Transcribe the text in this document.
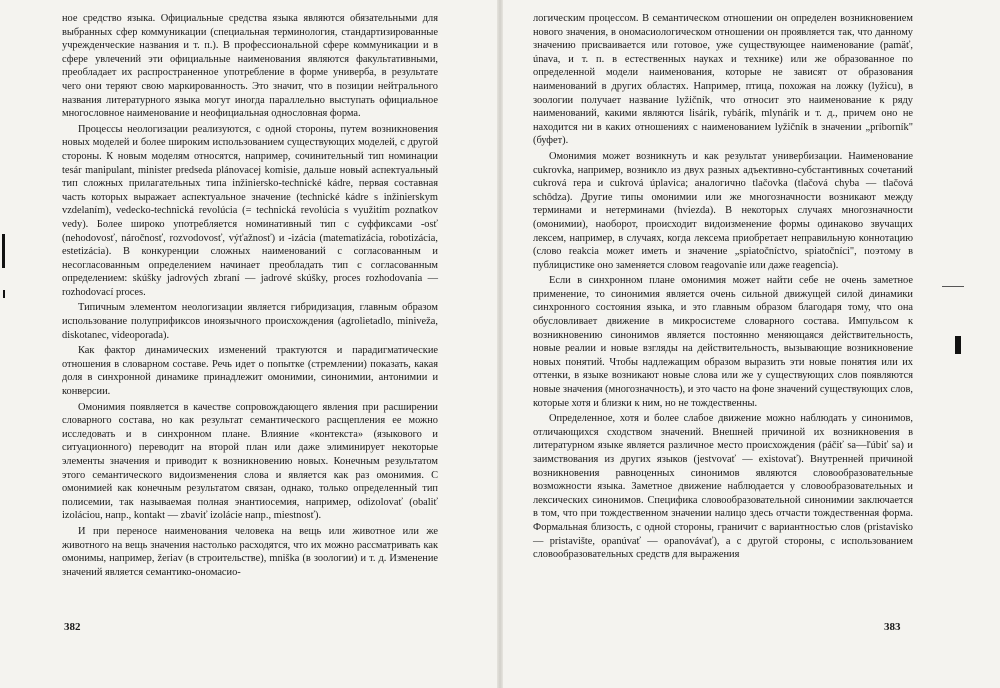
ное средство языка. Официальные средства языка являются обязательными для выбранных сфер коммуникации (специальная терминология, стандартизированные учрежденческие названия и т. п.). В профессиональной сфере коммуникации и в сфере увлечений эти официальные наименования являются факультативными, преобладает их распространенное употребление в форме универба, в результате чего они теряют свою маркированность. Это значит, что в позиции нейтрального названия литературного языка могут иногда параллельно выступать официальное многословное наименование и неофициальная однословная форма.

Процессы неологизации реализуются, с одной стороны, путем возникновения новых моделей и более широким использованием существующих моделей, с другой стороны. К новым моделям относятся, например, сочинительный тип номинации tesár manipulant, minister predseda plánovacej komisie, дальше новый аспектуальный тип сложных прилагательных типа inžiniersko-technické kádre, первая составная часть которых выражает аспектуальное значение (technické kádre s inžinierskym vzdelaním), vedecko-technická revolúcia (= technická revolúcia s využitím poznatkov vedy). Более широко употребляется номинативный тип с суффиксами -osť (nehodovosť, náročnosť, rozvodovosť, výťažnosť) и -izácia (matematizácia, robotizácia, estetizácia). В конкуренции сложных наименований с согласованным и несогласованным определением начинает преобладать тип с согласованным определением: skúšky jadrových zbraní — jadrové skúšky, proces rozhodovania — rozhodovací proces.

Типичным элементом неологизации является гибридизация, главным образом использование полупрификсов иноязычного происхождения (agrolietadlo, miniveža, diskotanec, videoporada).

Как фактор динамических изменений трактуются и парадигматические отношения в словарном составе. Речь идет о попытке (стремлении) показать, какая доля в синхронной динамике принадлежит омонимии, синонимии, антонимии и конверсии.

Омонимия появляется в качестве сопровождающего явления при расширении словарного состава, но как результат семантического расщепления ее можно исследовать и в синхронном плане. Влияние «контекста» (языкового и ситуационного) переводит на второй план или даже элиминирует некоторые элементы значения и приводит к возникновению новых. Конечным результатом этого семантического видоизменения слова и является как раз омонимия. С омонимией как конечным результатом связан, однако, только определенный тип полисемии, так называемая полная энантиосемия, например, odizolovať (obaliť izoláciou, напр., kontakt — zbaviť izolácie напр., miestnosť).

И при переносе наименования человека на вещь или животное или же животного на вещь значения настолько расходятся, что их можно рассматривать как омонимы, например, žeriav (в строительстве), mniška (в зоологии) и т. д. Изменение значений является семантико-ономасио-

382

логическим процессом. В семантическом отношении он определен возникновением нового значения, в ономасиологическом отношении он проявляется так, что данному значению присваивается или готовое, уже существующее наименование (pamäť, únava, и т. п. в естественных науках и технике) или же образованное по определенной модели наименования, которые не зависят от образования наименований в других областях. Например, птица, похожая на ложку (lyžicu), в зоологии получает название lyžičník, что относит это наименование к ряду наименований, какими являются lisárik, rybárik, mlynárik и т. д., причем оно не находится ни в каких отношениях с наименованием lyžičník в значении „príborník" (буфет).

Омонимия может возникнуть и как результат универбизации. Наименование cukrovka, например, возникло из двух разных адъективно-субстантивных сочетаний cukrová repa и cukrová úplavica; аналогично tlačovka (tlačová chyba — tlačová schôdza). Другие типы омонимии или же многозначности возникают между терминами и нетерминами (hviezda). В некоторых случаях многозначности (омонимии), наоборот, происходит видоизменение формы одинаково звучащих лексем, например, в случаях, когда лексема приобретает неправильную коннотацию (слово reakcia может иметь и значение „spiatočníctvo, spiatočníci", поэтому в публицистике оно заменяется словом reagovanie или даже reagencia).

Если в синхронном плане омонимия может найти себе не очень заметное применение, то синонимия является очень сильной движущей силой динамики синхронного состояния языка, и это главным образом благодаря тому, что она обусловливает движение в микросистеме словарного состава. Импульсом к возникновению синонимов является постоянно меняющаяся действительность, новые реалии и новые взгляды на действительность, вызывающие возникновение новых понятий. Чтобы надлежащим образом выразить эти новые понятия или их оттенки, в языке возникают новые слова или же у существующих слов появляются новые значения (многозначность), и это часто на фоне значений существующих слов, которые хотя и близки к ним, но не тождественны.

Определенное, хотя и более слабое движение можно наблюдать у синонимов, отличающихся сходством значений. Внешней причиной их возникновения в литературном языке является различное место происхождения (páčiť sa—ľúbiť sa) и заимствования из других языков (jestvovať — existovať). Внутренней причиной возникновения равноценных синонимов являются словообразовательные возможности языка. Заметное движение наблюдается у словообразовательных и лексических синонимов. Специфика словообразовательной синонимии заключается в том, что при тождественном значении налицо здесь отчасти тождественная форма. Формальная близость, с одной стороны, граничит с вариантностью слов (pristavisko — pristavište, opanúvať — opanovávať), а с другой стороны, с использованием словообразовательных средств для выражения

383
